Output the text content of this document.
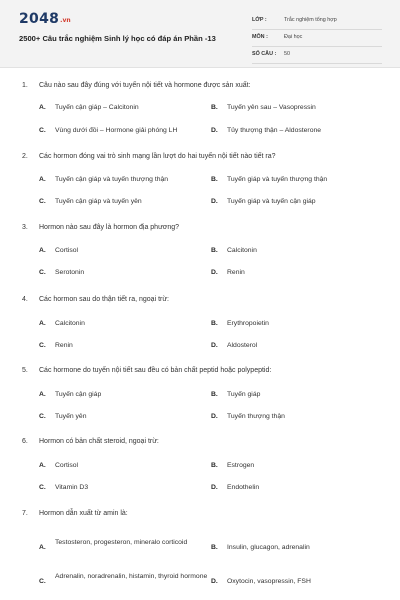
2048.vn
2500+ Câu trắc nghiệm Sinh lý học có đáp án Phần -13
LỚP :	Trắc nghiệm tổng hợp
MÔN :	Đại học
SỐ CÂU : 50
1. Câu nào sau đây đúng với tuyến nội tiết và hormone được sản xuất:
A. Tuyến cận giáp – Calcitonin	B. Tuyến yên sau – Vasopressin
C. Vùng dưới đồi – Hormone giải phóng LH	D. Tủy thượng thận – Aldosterone
2. Các hormon đóng vai trò sinh mạng lần lượt do hai tuyến nội tiết nào tiết ra?
A. Tuyến cận giáp và tuyến thượng thận	B. Tuyến giáp và tuyến thượng thận
C. Tuyến cận giáp và tuyến yên	D. Tuyến giáp và tuyến cận giáp
3. Hormon nào sau đây là hormon địa phương?
A. Cortisol	B. Calcitonin
C. Serotonin	D. Renin
4. Các hormon sau do thận tiết ra, ngoại trừ:
A. Calcitonin	B. Erythropoietin
C. Renin	D. Aldosterol
5. Các hormone do tuyến nội tiết sau đều có bản chất peptid hoặc polypeptid:
A. Tuyến cận giáp	B. Tuyến giáp
C. Tuyến yên	D. Tuyến thượng thận
6. Hormon có bản chất steroid, ngoại trừ:
A. Cortisol	B. Estrogen
C. Vitamin D3	D. Endothelin
7. Hormon dẫn xuất từ amin là:
A.
Testosteron, progesteron, mineralo corticoid
B. Insulin, glucagon, adrenalin
C.
Adrenalin, noradrenalin, histamin, thyroid hormone
D. Oxytocin, vasopressin, FSH
